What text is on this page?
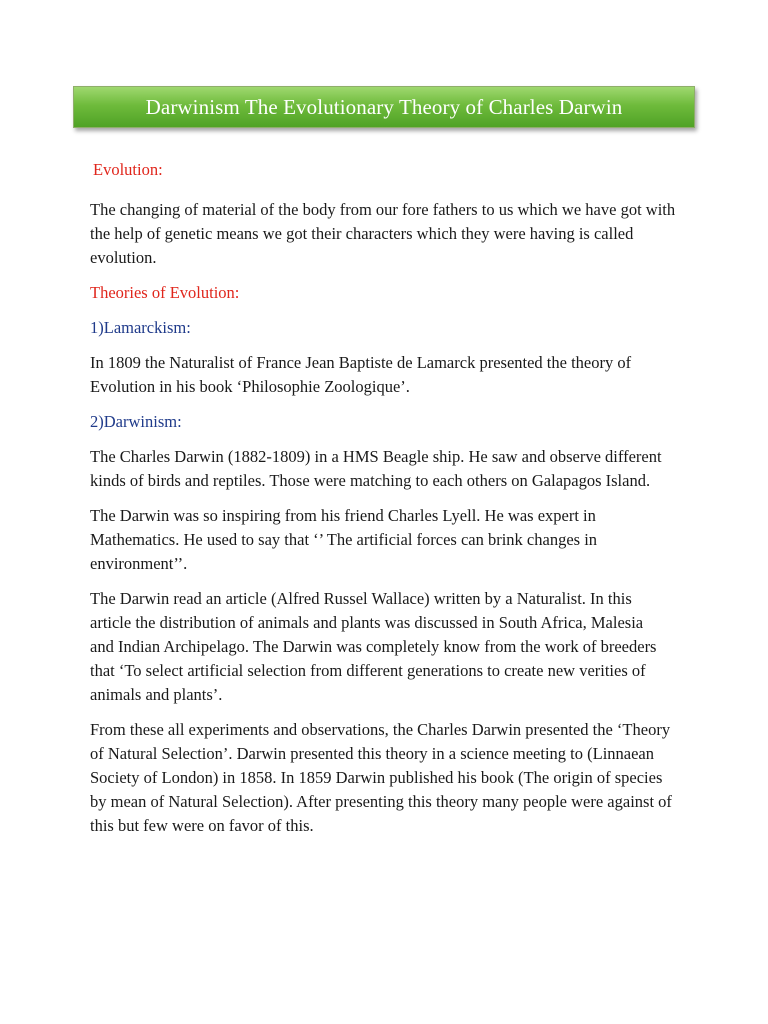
Darwinism The Evolutionary Theory of Charles Darwin

Evolution:

The changing of material of the body from our fore fathers to us which we have got with the help of genetic means we got their characters which they were having is called evolution.

Theories of Evolution:

1)Lamarckism:

In 1809 the Naturalist of France Jean Baptiste de Lamarck presented the theory of Evolution in his book ‘Philosophie Zoologique’.

2)Darwinism:

The Charles Darwin (1882-1809) in a HMS Beagle ship. He saw and observe different kinds of birds and reptiles. Those were matching to each others on Galapagos Island.

The Darwin was so inspiring from his friend Charles Lyell. He was expert in Mathematics. He used to say that ‘’ The artificial forces can brink changes in environment’’.

The Darwin read an article (Alfred Russel Wallace) written by a Naturalist. In this article the distribution of animals and plants was discussed in South Africa, Malesia and Indian Archipelago. The Darwin was completely know from the work of breeders that ‘To select artificial selection from different generations to create new verities of animals and plants’.

From these all experiments and observations, the Charles Darwin presented the ‘Theory of Natural Selection’. Darwin presented this theory in a science meeting to (Linnaean Society of London) in 1858. In 1859 Darwin published his book (The origin of species by mean of Natural Selection). After presenting this theory many people were against of this but few were on favor of this.
